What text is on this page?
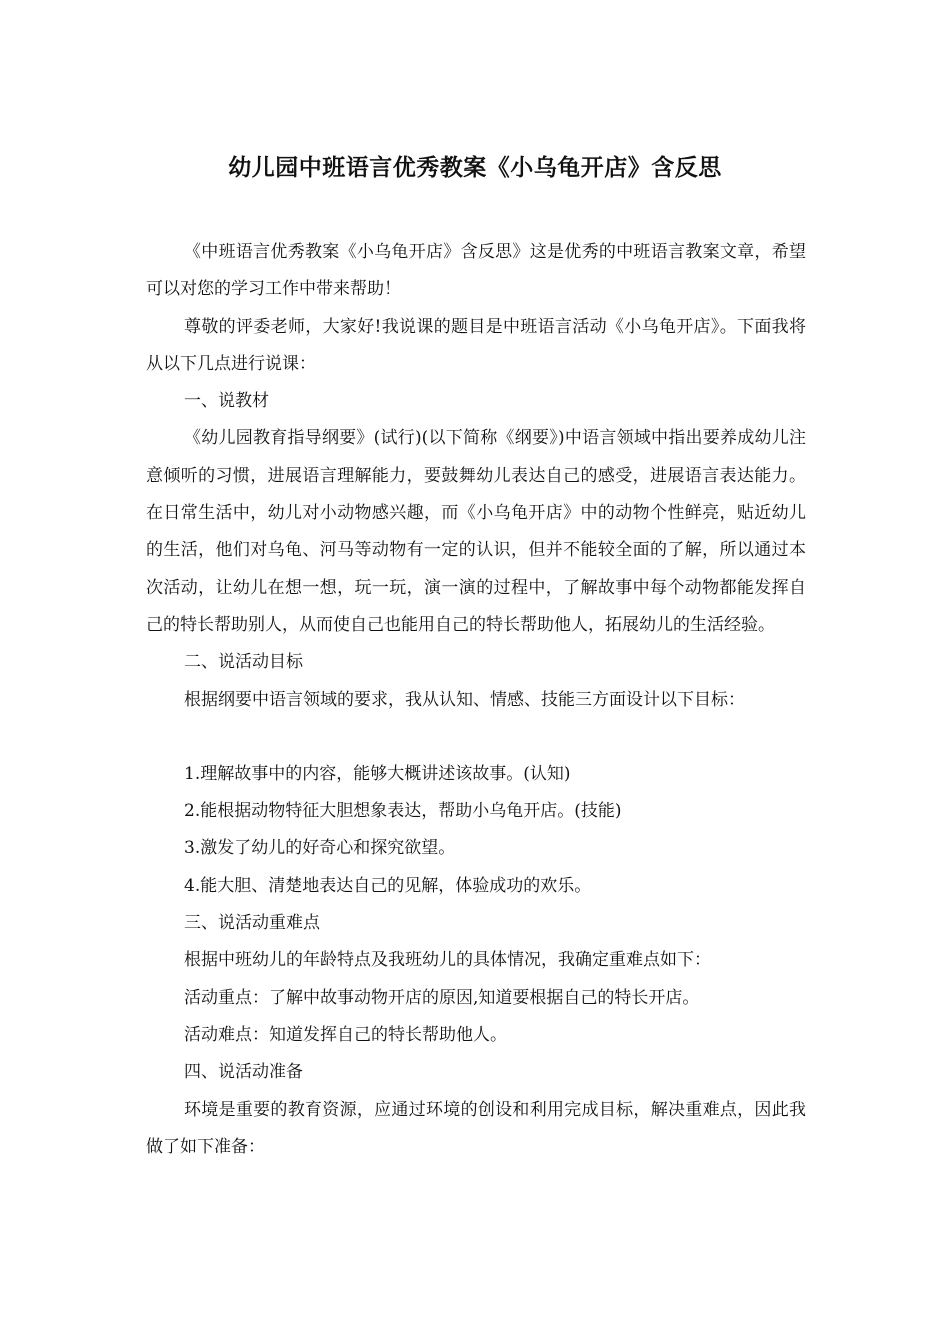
幼儿园中班语言优秀教案《小乌龟开店》含反思

《中班语言优秀教案《小乌龟开店》含反思》这是优秀的中班语言教案文章，希望可以对您的学习工作中带来帮助！

尊敬的评委老师，大家好!我说课的题目是中班语言活动《小乌龟开店》。下面我将从以下几点进行说课：

一、说教材

《幼儿园教育指导纲要》(试行)(以下简称《纲要》)中语言领域中指出要养成幼儿注意倾听的习惯，进展语言理解能力，要鼓舞幼儿表达自己的感受，进展语言表达能力。在日常生活中，幼儿对小动物感兴趣，而《小乌龟开店》中的动物个性鲜亮，贴近幼儿的生活，他们对乌龟、河马等动物有一定的认识，但并不能较全面的了解，所以通过本次活动，让幼儿在想一想，玩一玩，演一演的过程中，了解故事中每个动物都能发挥自己的特长帮助别人，从而使自己也能用自己的特长帮助他人，拓展幼儿的生活经验。

二、说活动目标

根据纲要中语言领域的要求，我从认知、情感、技能三方面设计以下目标：

1.理解故事中的内容，能够大概讲述该故事。(认知)

2.能根据动物特征大胆想象表达，帮助小乌龟开店。(技能)

3.激发了幼儿的好奇心和探究欲望。

4.能大胆、清楚地表达自己的见解，体验成功的欢乐。

三、说活动重难点

根据中班幼儿的年龄特点及我班幼儿的具体情况，我确定重难点如下：

活动重点：了解中故事动物开店的原因,知道要根据自己的特长开店。

活动难点：知道发挥自己的特长帮助他人。

四、说活动准备

环境是重要的教育资源，应通过环境的创设和利用完成目标，解决重难点，因此我做了如下准备：
